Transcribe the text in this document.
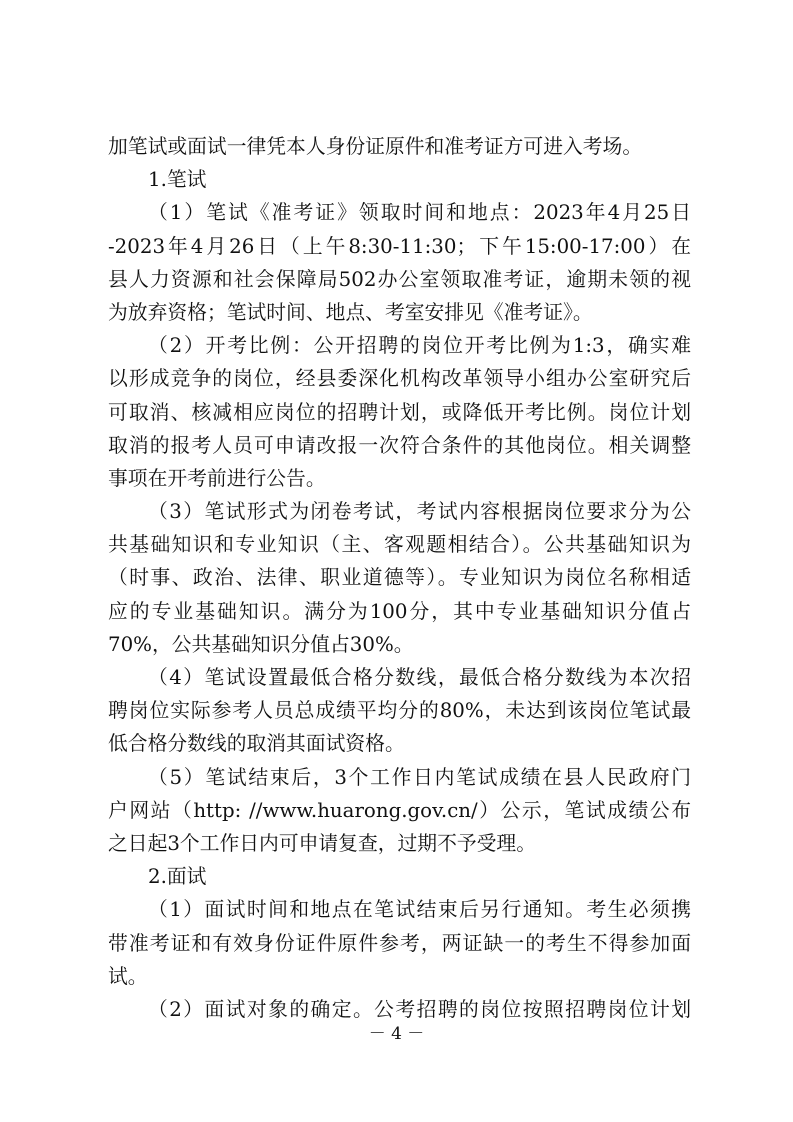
加笔试或面试一律凭本人身份证原件和准考证方可进入考场。
1.笔试
（1）笔试《准考证》领取时间和地点：2023年4月25日
-2023年4月26日（上午8:30-11:30；下午15:00-17:00）在
县人力资源和社会保障局502办公室领取准考证，逾期未领的视
为放弃资格；笔试时间、地点、考室安排见《准考证》。
（2）开考比例：公开招聘的岗位开考比例为1:3，确实难
以形成竞争的岗位，经县委深化机构改革领导小组办公室研究后
可取消、核减相应岗位的招聘计划，或降低开考比例。岗位计划
取消的报考人员可申请改报一次符合条件的其他岗位。相关调整
事项在开考前进行公告。
（3）笔试形式为闭卷考试，考试内容根据岗位要求分为公
共基础知识和专业知识（主、客观题相结合）。公共基础知识为
（时事、政治、法律、职业道德等）。专业知识为岗位名称相适
应的专业基础知识。满分为100分，其中专业基础知识分值占
70%，公共基础知识分值占30%。
（4）笔试设置最低合格分数线，最低合格分数线为本次招
聘岗位实际参考人员总成绩平均分的80%，未达到该岗位笔试最
低合格分数线的取消其面试资格。
（5）笔试结束后，3个工作日内笔试成绩在县人民政府门
户网站（http: //www.huarong.gov.cn/）公示，笔试成绩公布
之日起3个工作日内可申请复查，过期不予受理。
2.面试
（1）面试时间和地点在笔试结束后另行通知。考生必须携
带准考证和有效身份证件原件参考，两证缺一的考生不得参加面
试。
（2）面试对象的确定。公考招聘的岗位按照招聘岗位计划
－ 4 －
